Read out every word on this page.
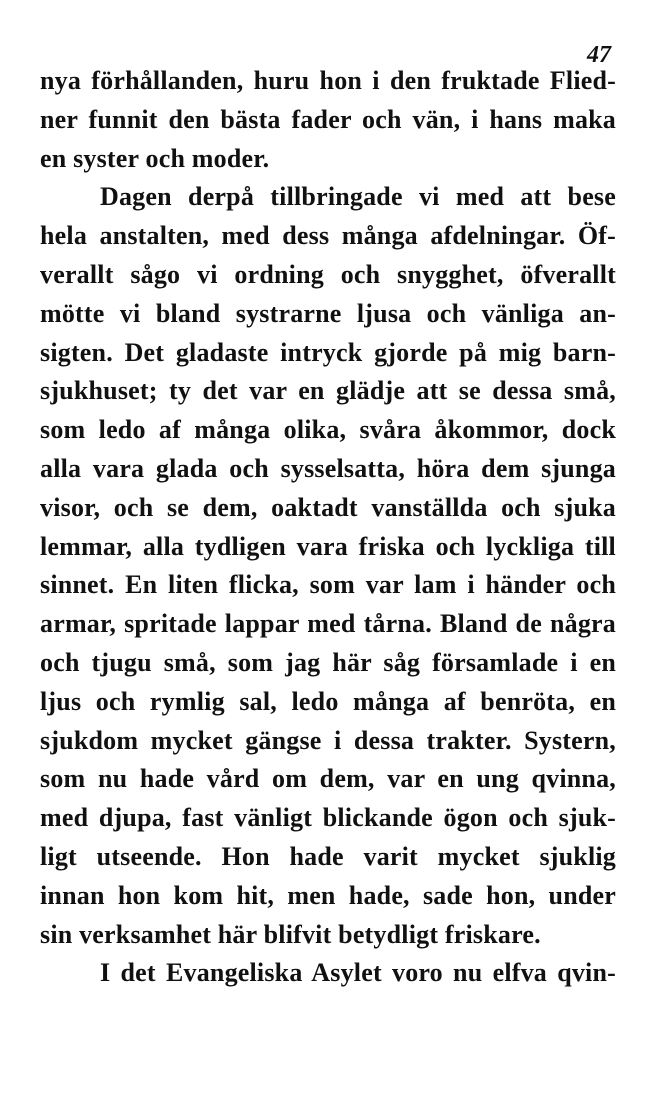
47
nya förhållanden, huru hon i den fruktade Flied-
ner funnit den bästa fader och vän, i hans maka
en syster och moder.
Dagen derpå tillbringade vi med att bese
hela anstalten, med dess många afdelningar. Öf-
verallt sågo vi ordning och snygghet, öfverallt
mötte vi bland systrarne ljusa och vänliga an-
sigten. Det gladaste intryck gjorde på mig barn-
sjukhuset; ty det var en glädje att se dessa små,
som ledo af många olika, svåra åkommor, dock
alla vara glada och sysselsatta, höra dem sjunga
visor, och se dem, oaktadt vanställda och sjuka
lemmar, alla tydligen vara friska och lyckliga till
sinnet. En liten flicka, som var lam i händer och
armar, spritade lappar med tårna. Bland de några
och tjugu små, som jag här såg församlade i en
ljus och rymlig sal, ledo många af benröta, en
sjukdom mycket gängse i dessa trakter. Systern,
som nu hade vård om dem, var en ung qvinna,
med djupa, fast vänligt blickande ögon och sjuk-
ligt utseende. Hon hade varit mycket sjuklig
innan hon kom hit, men hade, sade hon, under
sin verksamhet här blifvit betydligt friskare.
I det Evangeliska Asylet voro nu elfva qvin-
